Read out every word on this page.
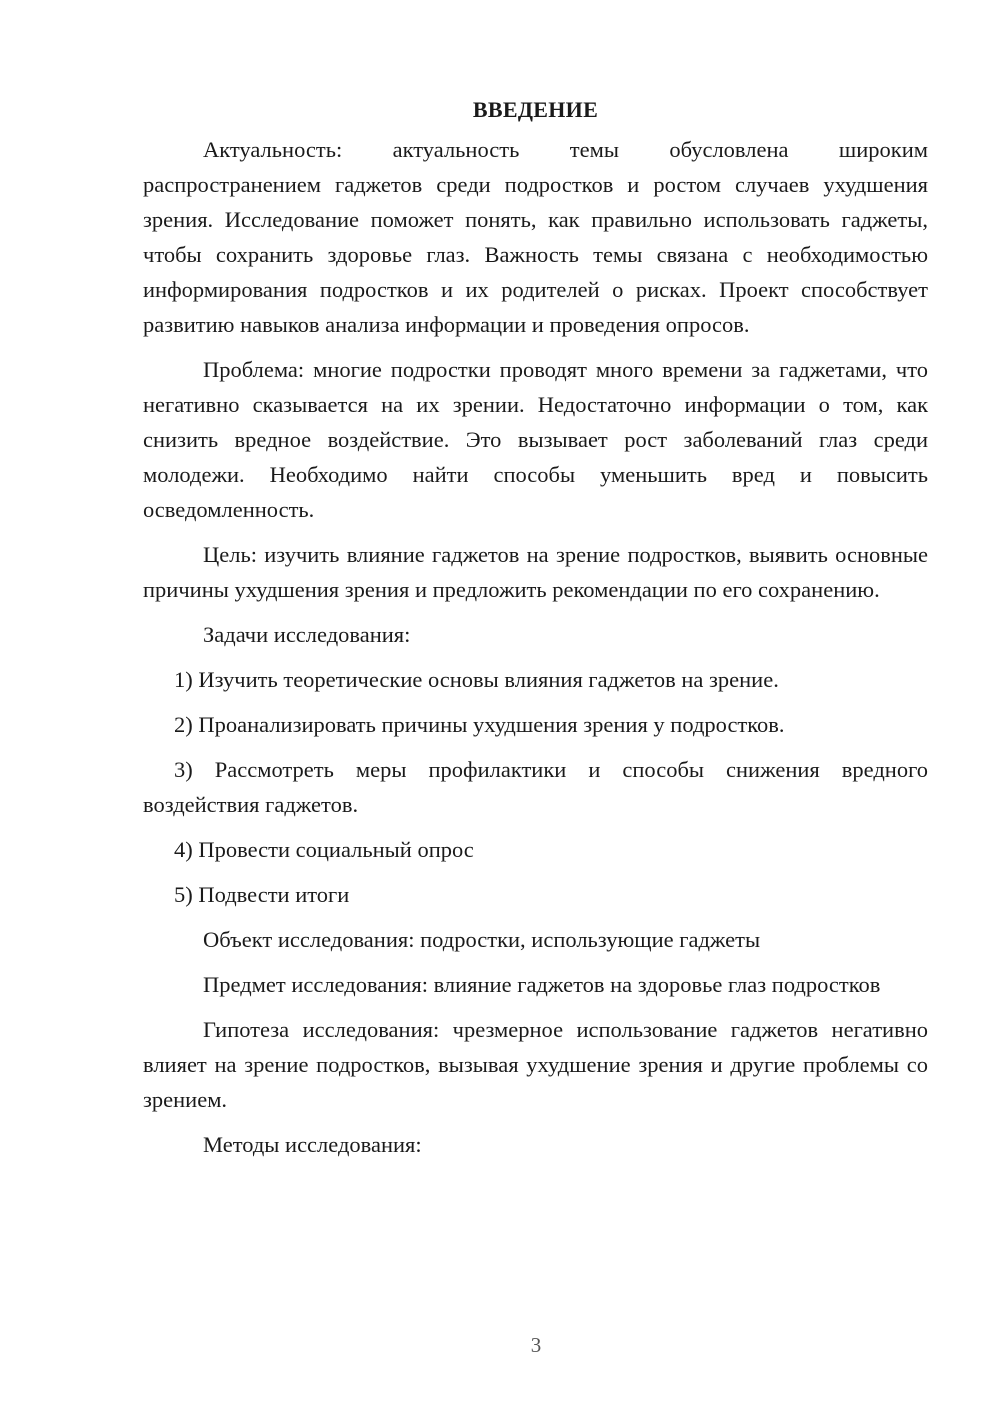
ВВЕДЕНИЕ

Актуальность: актуальность темы обусловлена широким распространением гаджетов среди подростков и ростом случаев ухудшения зрения. Исследование поможет понять, как правильно использовать гаджеты, чтобы сохранить здоровье глаз. Важность темы связана с необходимостью информирования подростков и их родителей о рисках. Проект способствует развитию навыков анализа информации и проведения опросов.

Проблема: многие подростки проводят много времени за гаджетами, что негативно сказывается на их зрении. Недостаточно информации о том, как снизить вредное воздействие. Это вызывает рост заболеваний глаз среди молодежи. Необходимо найти способы уменьшить вред и повысить осведомленность.

Цель: изучить влияние гаджетов на зрение подростков, выявить основные причины ухудшения зрения и предложить рекомендации по его сохранению.

Задачи исследования:

1) Изучить теоретические основы влияния гаджетов на зрение.

2) Проанализировать причины ухудшения зрения у подростков.

3) Рассмотреть меры профилактики и способы снижения вредного воздействия гаджетов.

4) Провести социальный опрос

5) Подвести итоги

Объект исследования: подростки, использующие гаджеты

Предмет исследования: влияние гаджетов на здоровье глаз подростков

Гипотеза исследования: чрезмерное использование гаджетов негативно влияет на зрение подростков, вызывая ухудшение зрения и другие проблемы со зрением.

Методы исследования:

3
